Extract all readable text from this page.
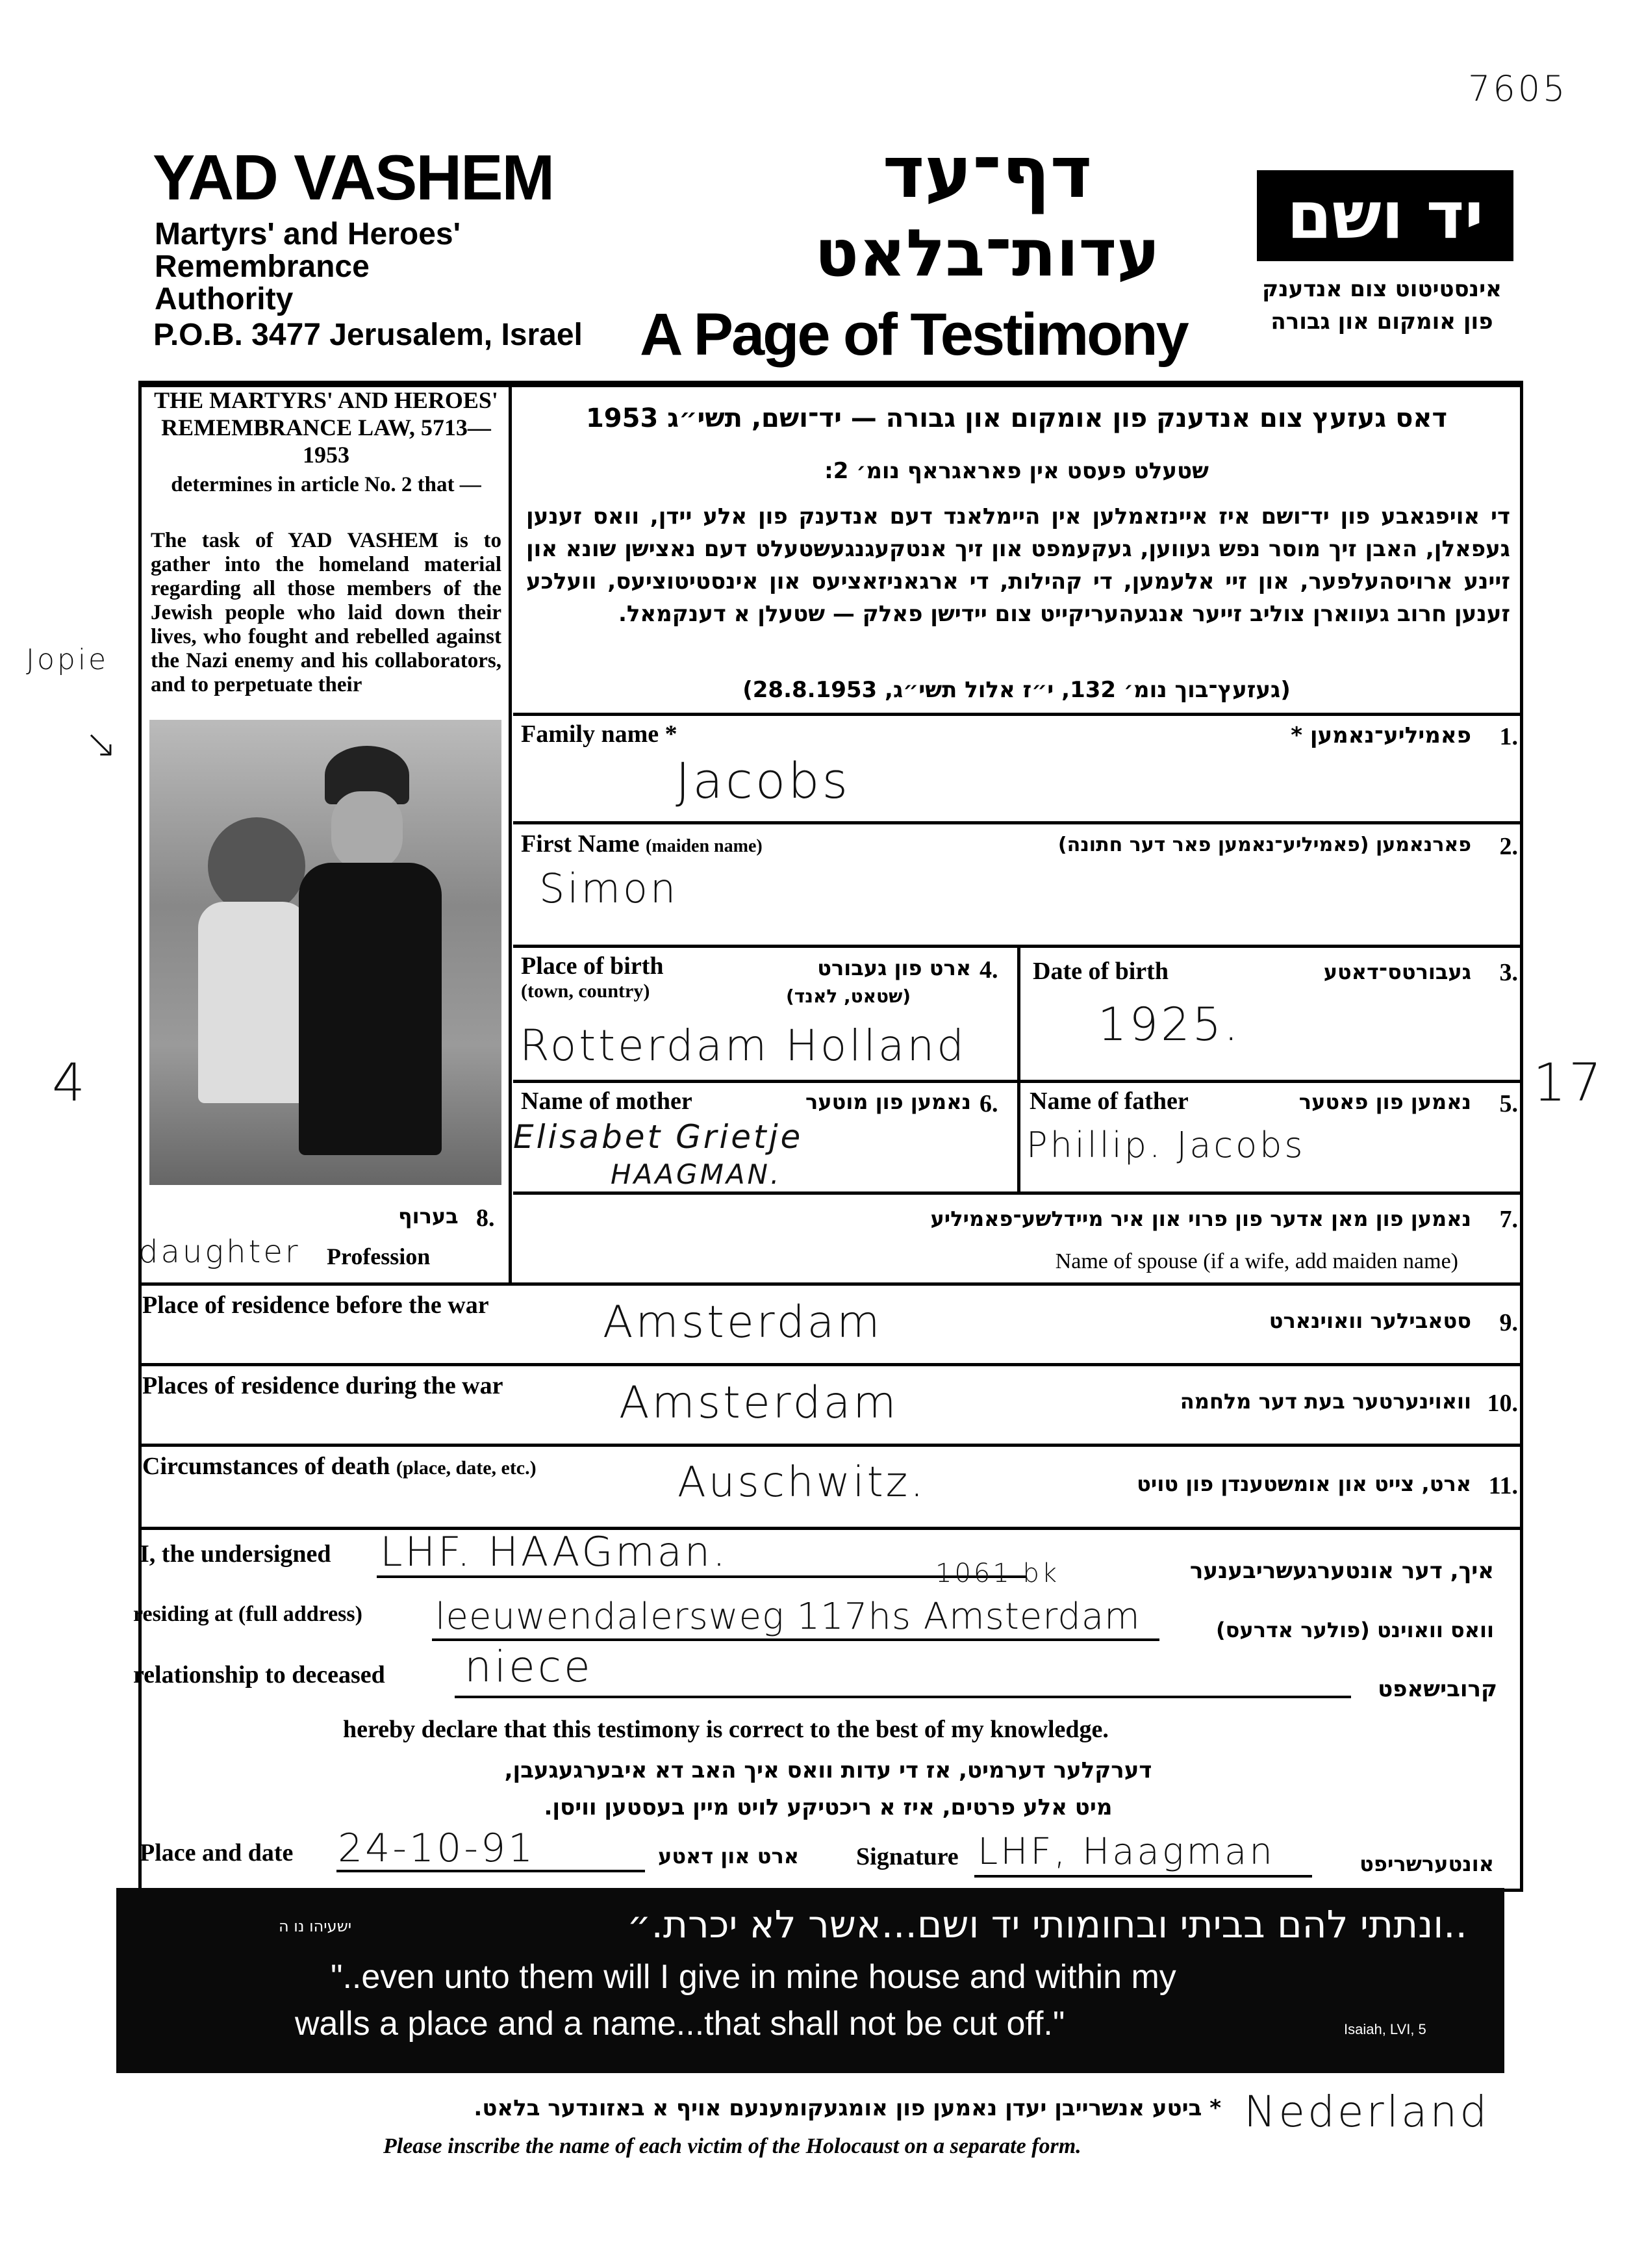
7605
YAD VASHEM
Martyrs' and Heroes'
Remembrance
Authority
P.O.B. 3477 Jerusalem, Israel
דף־עד
עדות־בלאט
A Page of Testimony
יד ושם
אינסטיטוט צום אנדענק
פון אומקום און גבורה
THE MARTYRS' AND HEROES' REMEMBRANCE LAW, 5713—1953
determines in article No. 2 that —
The task of YAD VASHEM is to gather into the homeland material regarding all those members of the Jewish people who laid down their lives, who fought and rebelled against the Nazi enemy and his collaborators, and to perpetuate their
דאס געזעץ צום אנדענק פון אומקום און גבורה — יד־ושם, תשי״ג 1953
שטעלט פעסט אין פאראגראף נומ׳ 2:
די אויפגאבע פון יד־ושם איז איינזאמלען אין היימלאנד דעם אנדענק פון אלע יידן, וואס זענען געפאלן, האבן זיך מוסר נפש געווען, געקעמפט און זיך אנטקעגנגעשטעלט דעם נאצישן שונא און זיינע ארויסהעלפער, און זיי אלעמען, די קהילות, די ארגאניזאציעס און אינסטיטוציעס, וועלכע זענען חרוב געווארן צוליב זייער אנגעהעריקייט צום יידישן פאלק — שטעלן א דענקמאל.
(געזעץ־בוך נומ׳ 132, י״ז אלול תשי״ג, 28.8.1953)
Jopie
↘
4	17
Family name *	פאמיליע־נאמען * 1.
Jacobs
First Name (maiden name)	פארנאמען (פאמיליע־נאמען פאר דער חתונה) 2.
Simon
Place of birth
(town, country)
ארט פון געבורט 4.
(שטאט, לאנד)
Rotterdam Holland
Date of birth	געבורטס־דאטע 3.
1925.
Name of mother	נאמען פון מוטער 6.
Elisabet Grietje
HAAGMAN.
Name of father	נאמען פון פאטער 5.
Phillip. Jacobs
בערוף 8.
daughter Profession
נאמען פון מאן אדער פון פרוי און איר מיידלשע־פאמיליע 7.
Name of spouse (if a wife, add maiden name)
Place of residence before the war
סטאבילער וואוינארט 9.
Amsterdam
Places of residence during the war
וואוינערטער בעת דער מלחמה 10.
Amsterdam
Circumstances of death (place, date, etc.)
ארט, צייט און אומשטענדן פון טויט 11.
Auschwitz.
I, the undersigned LHF. HAAGman.	איך, דער אונטערגעשריבענער
1061 bk
residing at (full address) leeuwendalersweg 117hs Amsterdam	וואס וואוינט (פולער אדרעס)
relationship to deceased niece	קרובישאפט
hereby declare that this testimony is correct to the best of my knowledge.
דערקלער דערמיט, אז די עדות וואס איך האב דא איבערגעגעבן,
מיט אלע פרטים, איז א ריכטיקע לויט מיין בעסטען וויסן.
Place and date 24-10-91	ארט און דאטע Signature LHF, Haagman	אונטערשריפט
..ונתתי להם בביתי ובחומותי יד ושם...אשר לא יכרת.״
ישעיהו נו ה
"..even unto them will I give in mine house and within my
walls a place and a name...that shall not be cut off."	Isaiah, LVI, 5
* ביטע אנשרייבן יעדן נאמען פון אומגעקומענעם אויף א באזונדער בלאט.
Please inscribe the name of each victim of the Holocaust on a separate form.
Nederland
